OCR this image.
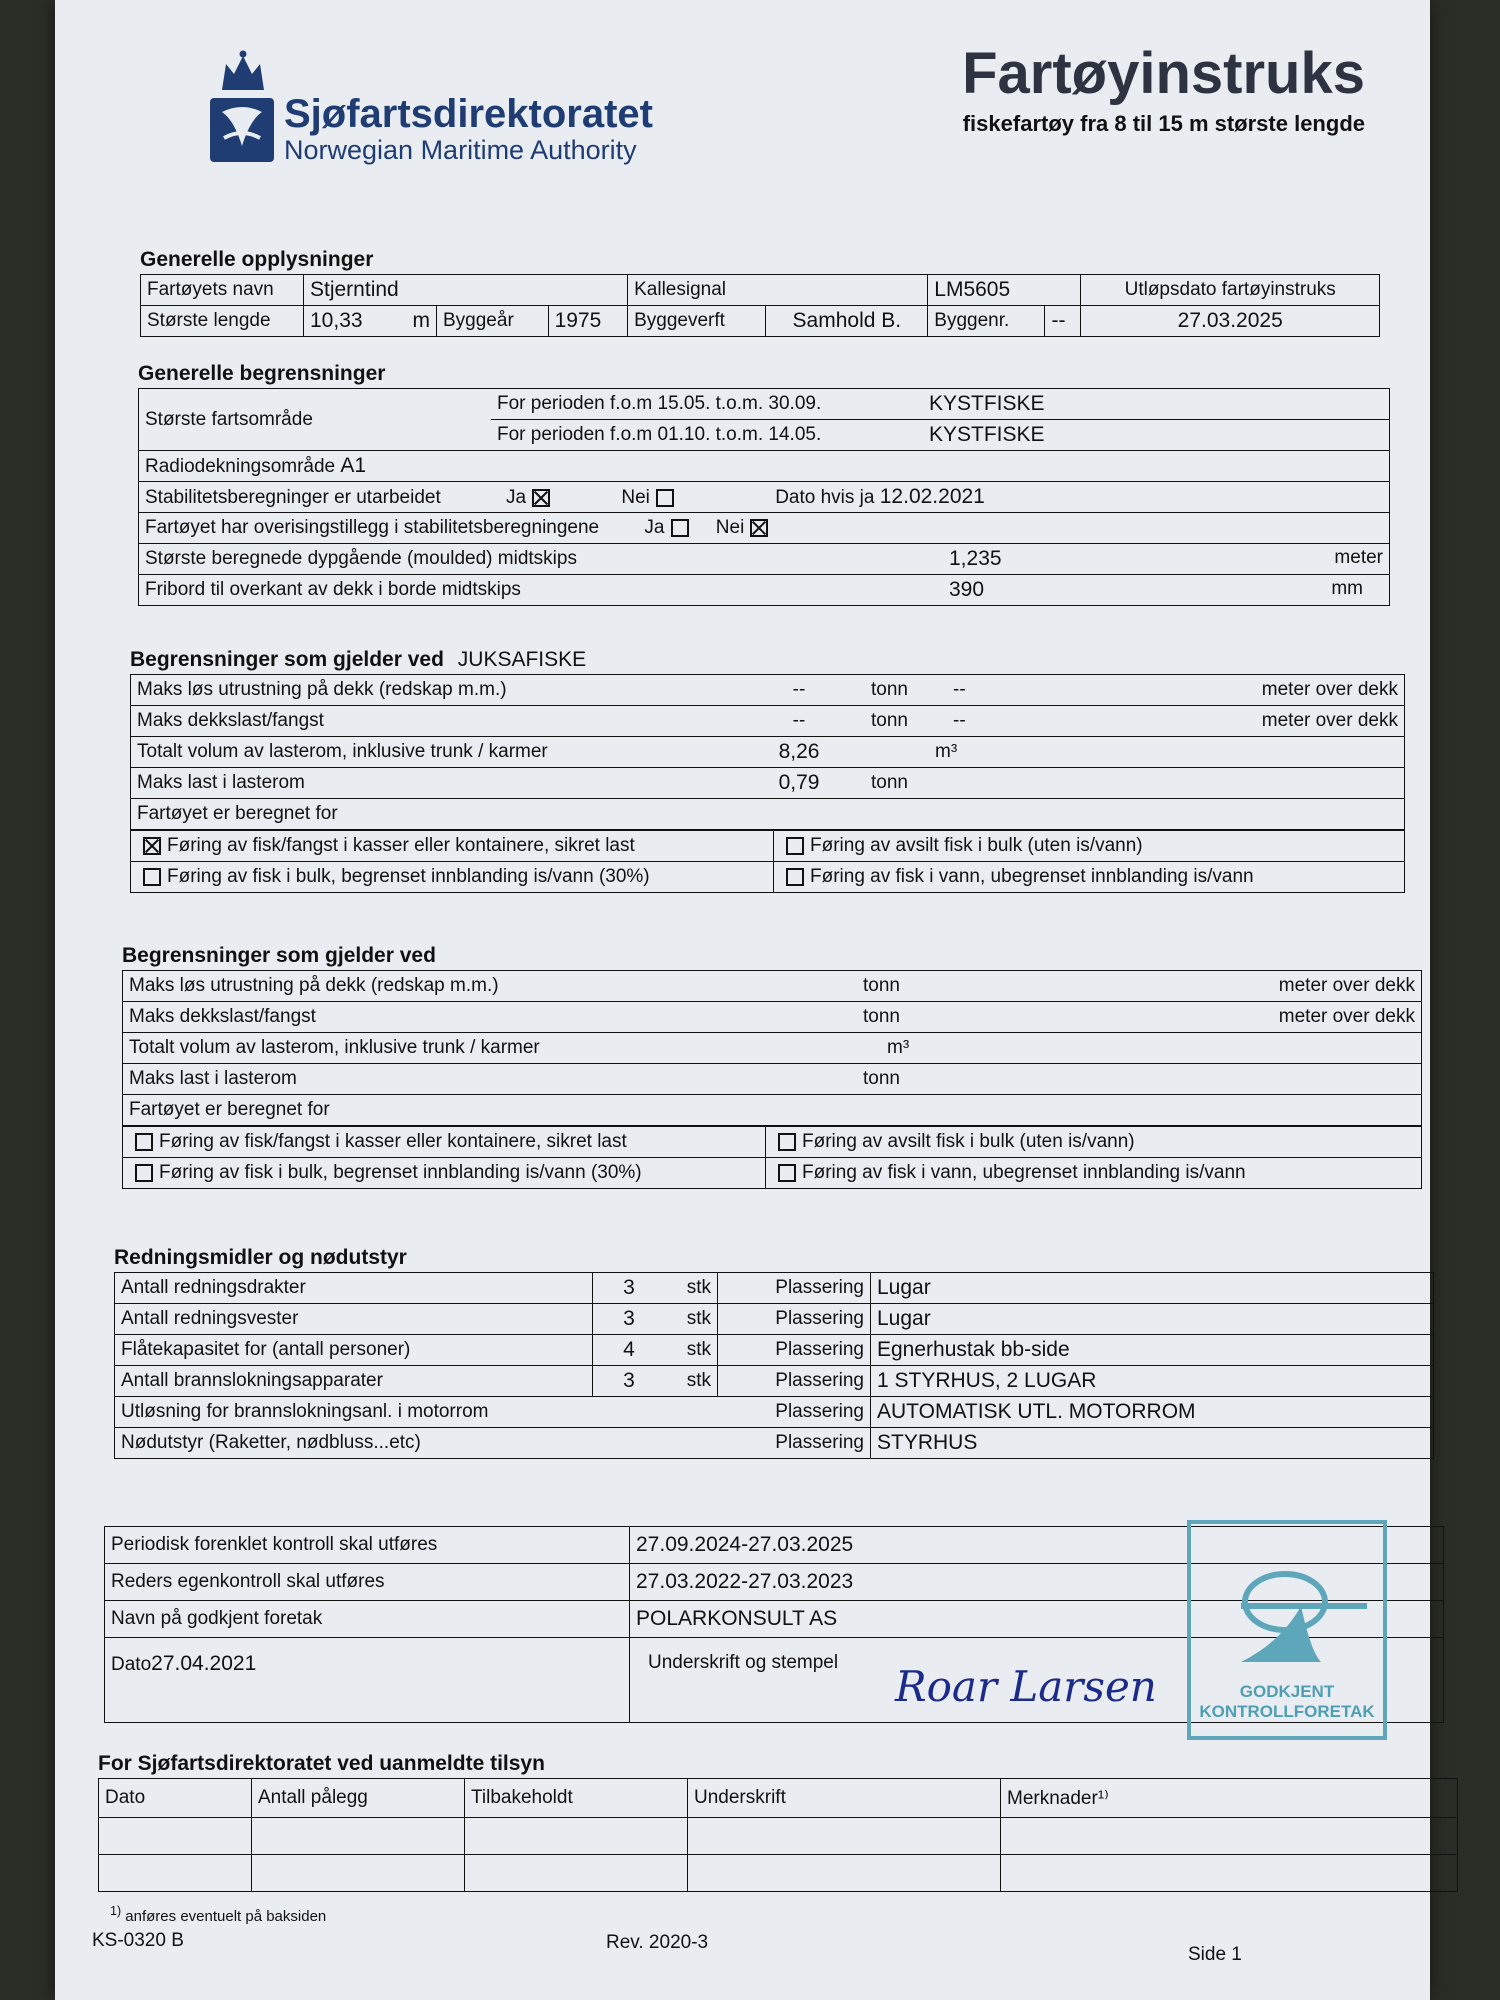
Sjøfartsdirektoratet
Norwegian Maritime Authority
Fartøyinstruks
fiskefartøy fra 8 til 15 m største lengde
Generelle opplysninger
Fartøyets navn	Stjerntind			Kallesignal		LM5605		Utløpsdato fartøyinstruks
Største lengde	10,33 m	Byggeår	1975	Byggeverft	Samhold B.	Byggenr.	--	27.03.2025
Generelle begrensninger
Største fartsområde	For perioden f.o.m 15.05. t.o.m. 30.09.	KYSTFISKE
	For perioden f.o.m 01.10. t.o.m. 14.05.	KYSTFISKE
Radiodekningsområde A1		
Stabilitetsberegninger er utarbeidet Ja Nei Dato hvis ja 12.02.2021		
Fartøyet har overisingstillegg i stabilitetsberegningene Ja Nei		
Største beregnede dypgående (moulded) midtskips		1,235 meter

Fribord til overkant av dekk i borde midtskips		390 mm
Begrensninger som gjelder ved JUKSAFISKE
Maks løs utrustning på dekk (redskap m.m.)	--	tonn	--	meter over dekk
Maks dekkslast/fangst	--	tonn	--	meter over dekk
Totalt volum av lasterom, inklusive trunk / karmer	8,26	m³		
Maks last i lasterom	0,79	tonn		
Fartøyet er beregnet for				
Føring av fisk/fangst i kasser eller kontainere, sikret last	Føring av avsilt fisk i bulk (uten is/vann)
Føring av fisk i bulk, begrenset innblanding is/vann (30%)	Føring av fisk i vann, ubegrenset innblanding is/vann
Begrensninger som gjelder ved
Maks løs utrustning på dekk (redskap m.m.)		tonn	meter over dekk
Maks dekkslast/fangst		tonn	meter over dekk
Totalt volum av lasterom, inklusive trunk / karmer		m³	
Maks last i lasterom		tonn	
Fartøyet er beregnet for			
Føring av fisk/fangst i kasser eller kontainere, sikret last	Føring av avsilt fisk i bulk (uten is/vann)
Føring av fisk i bulk, begrenset innblanding is/vann (30%)	Føring av fisk i vann, ubegrenset innblanding is/vann
Redningsmidler og nødutstyr
Antall redningsdrakter	3	stk	Plassering	Lugar
Antall redningsvester	3	stk	Plassering	Lugar
Flåtekapasitet for (antall personer)	4	stk	Plassering	Egnerhustak bb-side
Antall brannslokningsapparater	3	stk	Plassering	1 STYRHUS, 2 LUGAR
Utløsning for brannslokningsanl. i motorrom			Plassering	AUTOMATISK UTL. MOTORROM
Nødutstyr (Raketter, nødbluss...etc)			Plassering	STYRHUS
Periodisk forenklet kontroll skal utføres	27.09.2024-27.03.2025
Reders egenkontroll skal utføres	27.03.2022-27.03.2023
Navn på godkjent foretak	POLARKONSULT AS
Dato27.04.2021	Underskrift og stempel Roar Larsen	GODKJENT KONTROLLFORETAK
For Sjøfartsdirektoratet ved uanmeldte tilsyn
Dato	Antall pålegg	Tilbakeholdt	Underskrift	Merknader¹⁾

$^{1)}$ anføres eventuelt på baksiden
KS-0320 B	Rev. 2020-3
Side 1
